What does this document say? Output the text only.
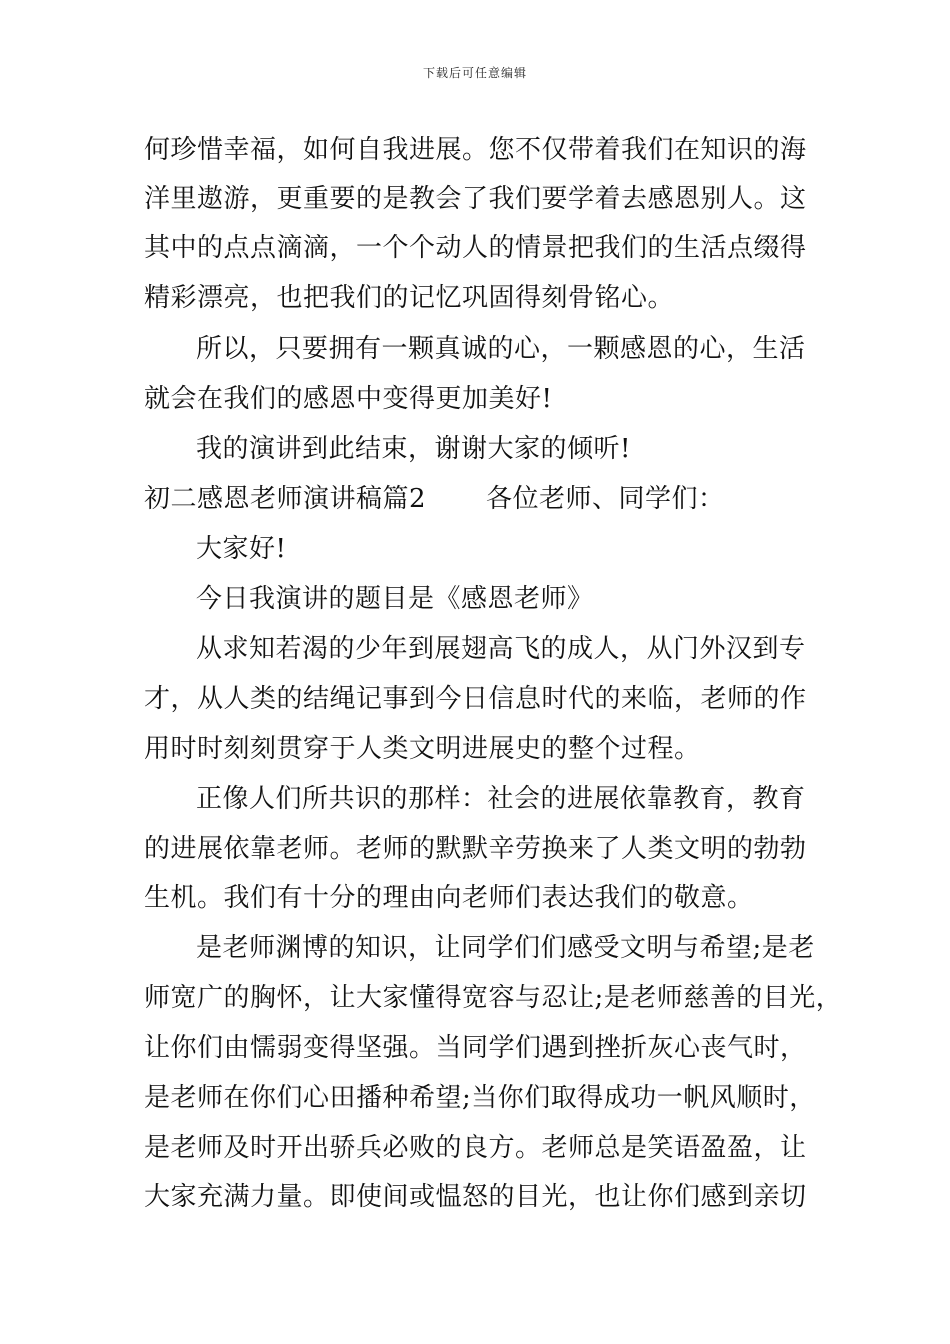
下载后可任意编辑
何珍惜幸福，如何自我进展。您不仅带着我们在知识的海
洋里遨游，更重要的是教会了我们要学着去感恩别人。这
其中的点点滴滴，一个个动人的情景把我们的生活点缀得
精彩漂亮，也把我们的记忆巩固得刻骨铭心。
所以，只要拥有一颗真诚的心，一颗感恩的心，生活
就会在我们的感恩中变得更加美好!
我的演讲到此结束，谢谢大家的倾听!
初二感恩老师演讲稿篇2 各位老师、同学们：
大家好!
今日我演讲的题目是《感恩老师》
从求知若渴的少年到展翅高飞的成人，从门外汉到专
才，从人类的结绳记事到今日信息时代的来临，老师的作
用时时刻刻贯穿于人类文明进展史的整个过程。
正像人们所共识的那样：社会的进展依靠教育，教育
的进展依靠老师。老师的默默辛劳换来了人类文明的勃勃
生机。我们有十分的理由向老师们表达我们的敬意。
是老师渊博的知识，让同学们们感受文明与希望;是老
师宽广的胸怀，让大家懂得宽容与忍让;是老师慈善的目光，
让你们由懦弱变得坚强。当同学们遇到挫折灰心丧气时，
是老师在你们心田播种希望;当你们取得成功一帆风顺时，
是老师及时开出骄兵必败的良方。老师总是笑语盈盈，让
大家充满力量。即使间或愠怒的目光，也让你们感到亲切
